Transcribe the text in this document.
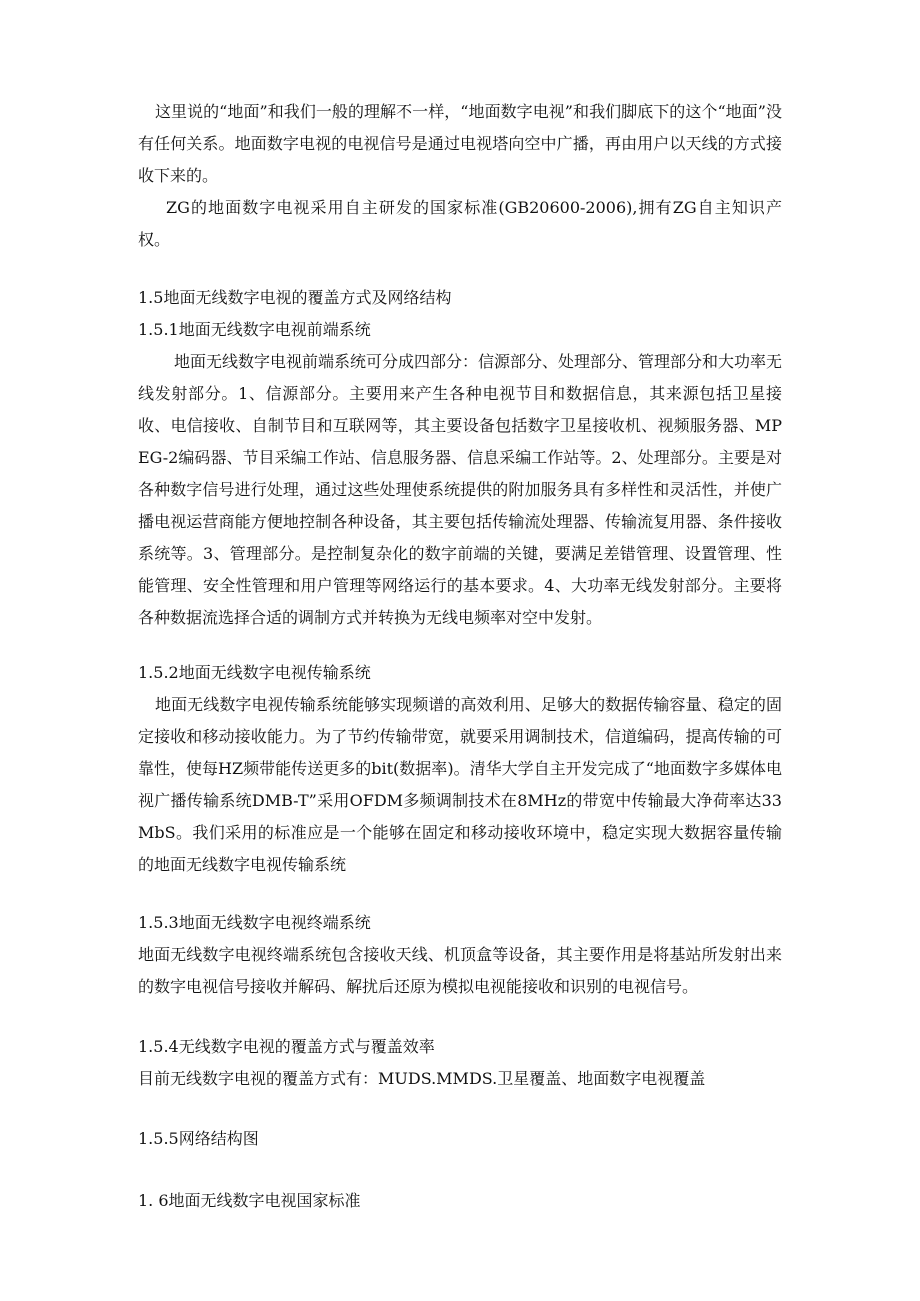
这里说的“地面”和我们一般的理解不一样，“地面数字电视”和我们脚底下的这个“地面”没有任何关系。地面数字电视的电视信号是通过电视塔向空中广播，再由用户以天线的方式接收下来的。

ZG的地面数字电视采用自主研发的国家标准(GB20600-2006),拥有ZG自主知识产权。

1.5地面无线数字电视的覆盖方式及网络结构

1.5.1地面无线数字电视前端系统

地面无线数字电视前端系统可分成四部分：信源部分、处理部分、管理部分和大功率无线发射部分。1、信源部分。主要用来产生各种电视节目和数据信息，其来源包括卫星接收、电信接收、自制节目和互联网等，其主要设备包括数字卫星接收机、视频服务器、MPEG-2编码器、节目采编工作站、信息服务器、信息采编工作站等。2、处理部分。主要是对各种数字信号进行处理，通过这些处理使系统提供的附加服务具有多样性和灵活性，并使广播电视运营商能方便地控制各种设备，其主要包括传输流处理器、传输流复用器、条件接收系统等。3、管理部分。是控制复杂化的数字前端的关键，要满足差错管理、设置管理、性能管理、安全性管理和用户管理等网络运行的基本要求。4、大功率无线发射部分。主要将各种数据流选择合适的调制方式并转换为无线电频率对空中发射。

1.5.2地面无线数字电视传输系统

地面无线数字电视传输系统能够实现频谱的高效利用、足够大的数据传输容量、稳定的固定接收和移动接收能力。为了节约传输带宽，就要采用调制技术，信道编码，提高传输的可靠性，使每HZ频带能传送更多的bit(数据率)。清华大学自主开发完成了“地面数字多媒体电视广播传输系统DMB-T”采用OFDM多频调制技术在8MHz的带宽中传输最大净荷率达33MbS。我们采用的标准应是一个能够在固定和移动接收环境中，稳定实现大数据容量传输的地面无线数字电视传输系统

1.5.3地面无线数字电视终端系统

地面无线数字电视终端系统包含接收天线、机顶盒等设备，其主要作用是将基站所发射出来的数字电视信号接收并解码、解扰后还原为模拟电视能接收和识别的电视信号。

1.5.4无线数字电视的覆盖方式与覆盖效率

目前无线数字电视的覆盖方式有：MUDS.MMDS.卫星覆盖、地面数字电视覆盖

1.5.5网络结构图

1. 6地面无线数字电视国家标准
